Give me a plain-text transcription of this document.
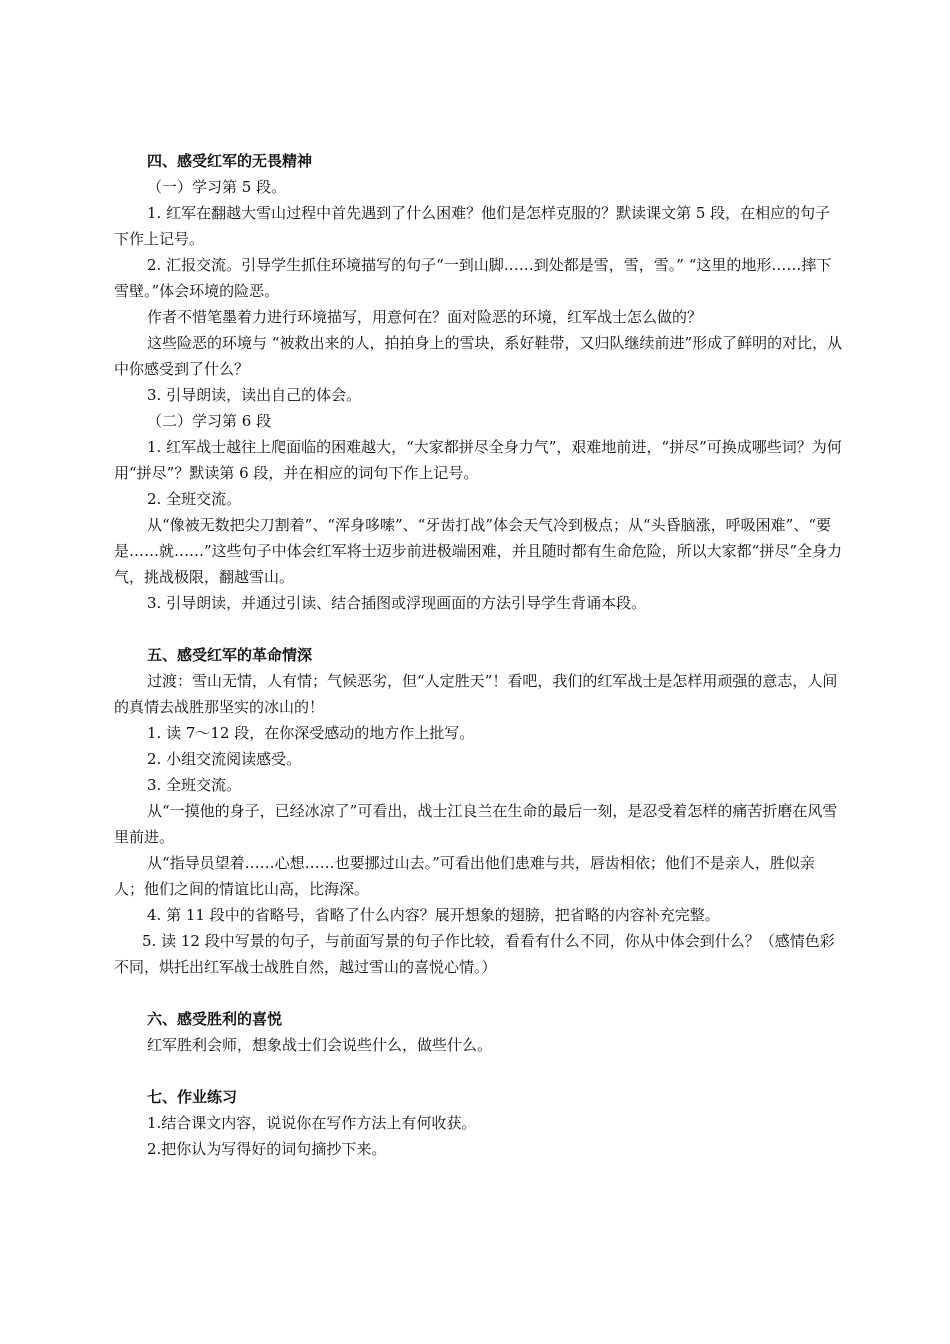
四、感受红军的无畏精神

（一）学习第 5 段。

1. 红军在翻越大雪山过程中首先遇到了什么困难？他们是怎样克服的？默读课文第 5 段，在相应的句子下作上记号。

2. 汇报交流。引导学生抓住环境描写的句子“一到山脚……到处都是雪，雪，雪。” “这里的地形……摔下雪壁。”体会环境的险恶。

作者不惜笔墨着力进行环境描写，用意何在？面对险恶的环境，红军战士怎么做的？

这些险恶的环境与 “被救出来的人，拍拍身上的雪块，系好鞋带，又归队继续前进”形成了鲜明的对比，从中你感受到了什么？

3. 引导朗读，读出自己的体会。

（二）学习第 6 段

1. 红军战士越往上爬面临的困难越大，“大家都拼尽全身力气”，艰难地前进，“拼尽”可换成哪些词？为何用“拼尽”？默读第 6 段，并在相应的词句下作上记号。

2. 全班交流。

从“像被无数把尖刀割着”、“浑身哆嗦”、“牙齿打战”体会天气冷到极点；从“头昏脑涨，呼吸困难”、“要是……就……”这些句子中体会红军将士迈步前进极端困难，并且随时都有生命危险，所以大家都“拼尽”全身力气，挑战极限，翻越雪山。

3. 引导朗读，并通过引读、结合插图或浮现画面的方法引导学生背诵本段。

五、感受红军的革命情深

过渡：雪山无情，人有情；气候恶劣，但“人定胜天”！看吧，我们的红军战士是怎样用顽强的意志，人间的真情去战胜那坚实的冰山的！

1. 读 7～12 段，在你深受感动的地方作上批写。

2. 小组交流阅读感受。

3. 全班交流。

从“一摸他的身子，已经冰凉了”可看出，战士江良兰在生命的最后一刻，是忍受着怎样的痛苦折磨在风雪里前进。

从“指导员望着……心想……也要挪过山去。”可看出他们患难与共，唇齿相依；他们不是亲人，胜似亲人；他们之间的情谊比山高，比海深。

4. 第 11 段中的省略号，省略了什么内容？展开想象的翅膀，把省略的内容补充完整。

5. 读 12 段中写景的句子，与前面写景的句子作比较，看看有什么不同，你从中体会到什么？（感情色彩不同，烘托出红军战士战胜自然，越过雪山的喜悦心情。）

六、感受胜利的喜悦

红军胜利会师，想象战士们会说些什么，做些什么。

七、作业练习

1.结合课文内容，说说你在写作方法上有何收获。

2.把你认为写得好的词句摘抄下来。
